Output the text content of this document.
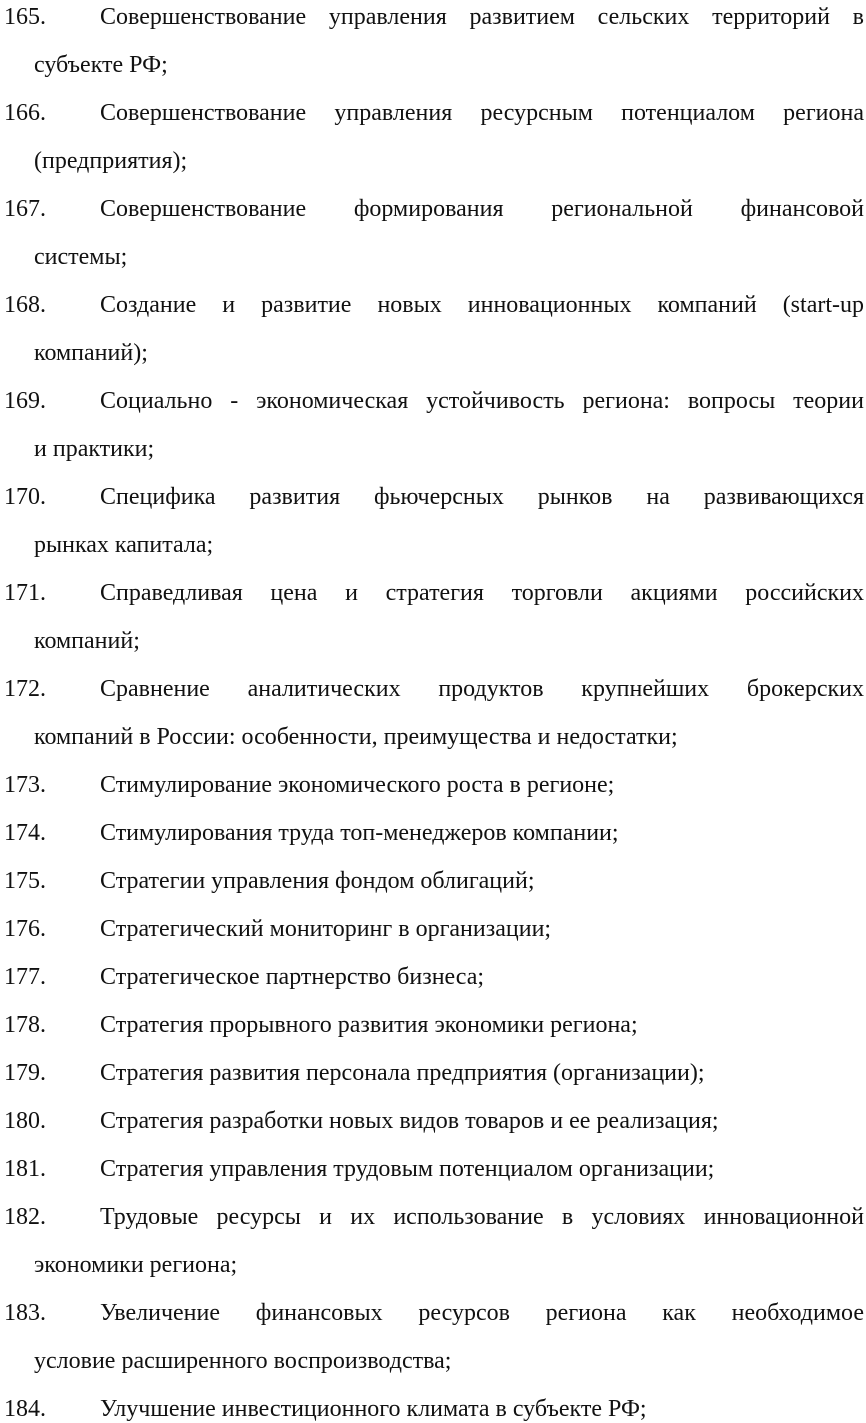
165. Совершенствование управления развитием сельских территорий в
субъекте РФ;
166. Совершенствование управления ресурсным потенциалом региона
(предприятия);
167. Совершенствование формирования региональной финансовой
системы;
168. Создание и развитие новых инновационных компаний (start-up
компаний);
169. Социально - экономическая устойчивость региона: вопросы теории
и практики;
170. Специфика развития фьючерсных рынков на развивающихся
рынках капитала;
171. Справедливая цена и стратегия торговли акциями российских
компаний;
172. Сравнение аналитических продуктов крупнейших брокерских
компаний в России: особенности, преимущества и недостатки;
173. Стимулирование экономического роста в регионе;
174. Стимулирования труда топ-менеджеров компании;
175. Стратегии управления фондом облигаций;
176. Стратегический мониторинг в организации;
177. Стратегическое партнерство бизнеса;
178. Стратегия прорывного развития экономики региона;
179. Стратегия развития персонала предприятия (организации);
180. Стратегия разработки новых видов товаров и ее реализация;
181. Стратегия управления трудовым потенциалом организации;
182. Трудовые ресурсы и их использование в условиях инновационной
экономики региона;
183. Увеличение финансовых ресурсов региона как необходимое
условие расширенного воспроизводства;
184. Улучшение инвестиционного климата в субъекте РФ;
